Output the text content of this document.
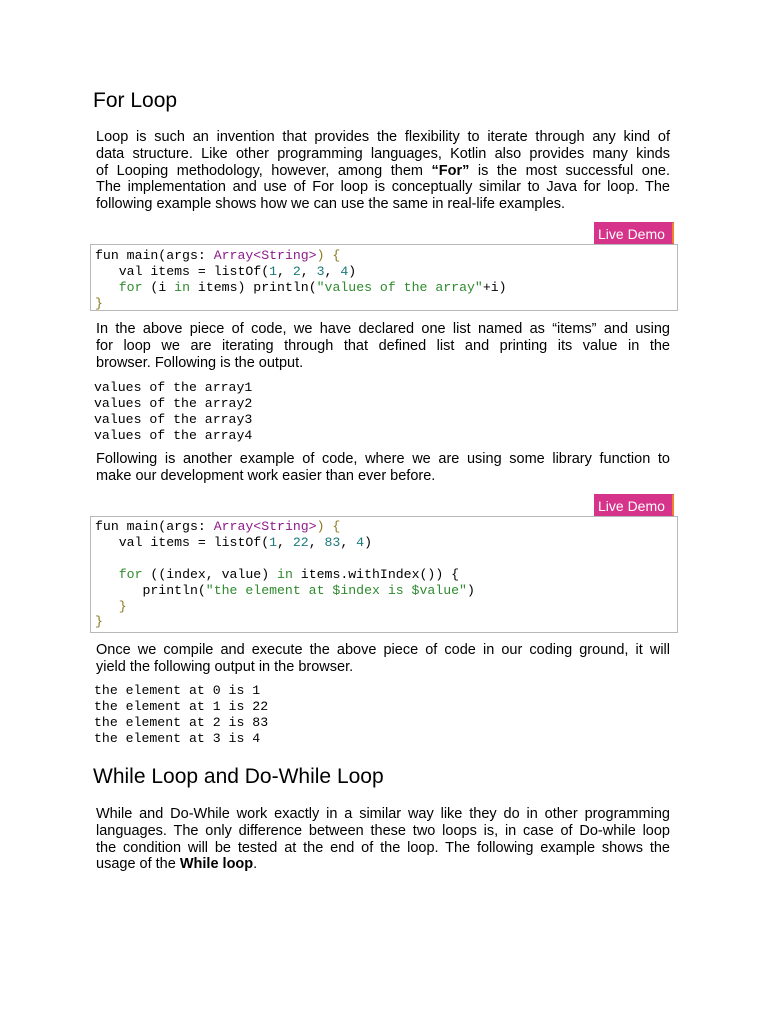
For Loop
Loop is such an invention that provides the flexibility to iterate through any kind of
data structure. Like other programming languages, Kotlin also provides many kinds
of Looping methodology, however, among them “For” is the most successful one.
The implementation and use of For loop is conceptually similar to Java for loop. The
following example shows how we can use the same in real-life examples.
Live Demo
fun main(args: Array<String>) {
val items = listOf(1, 2, 3, 4)
for (i in items) println("values of the array"+i)
}
In the above piece of code, we have declared one list named as “items” and using
for loop we are iterating through that defined list and printing its value in the
browser. Following is the output.
values of the array1
values of the array2
values of the array3
values of the array4
Following is another example of code, where we are using some library function to
make our development work easier than ever before.
Live Demo
fun main(args: Array<String>) {
val items = listOf(1, 22, 83, 4)

for ((index, value) in items.withIndex()) {
println("the element at $index is $value")
}
}
Once we compile and execute the above piece of code in our coding ground, it will
yield the following output in the browser.
the element at 0 is 1
the element at 1 is 22
the element at 2 is 83
the element at 3 is 4
While Loop and Do-While Loop
While and Do-While work exactly in a similar way like they do in other programming
languages. The only difference between these two loops is, in case of Do-while loop
the condition will be tested at the end of the loop. The following example shows the
usage of the While loop.
